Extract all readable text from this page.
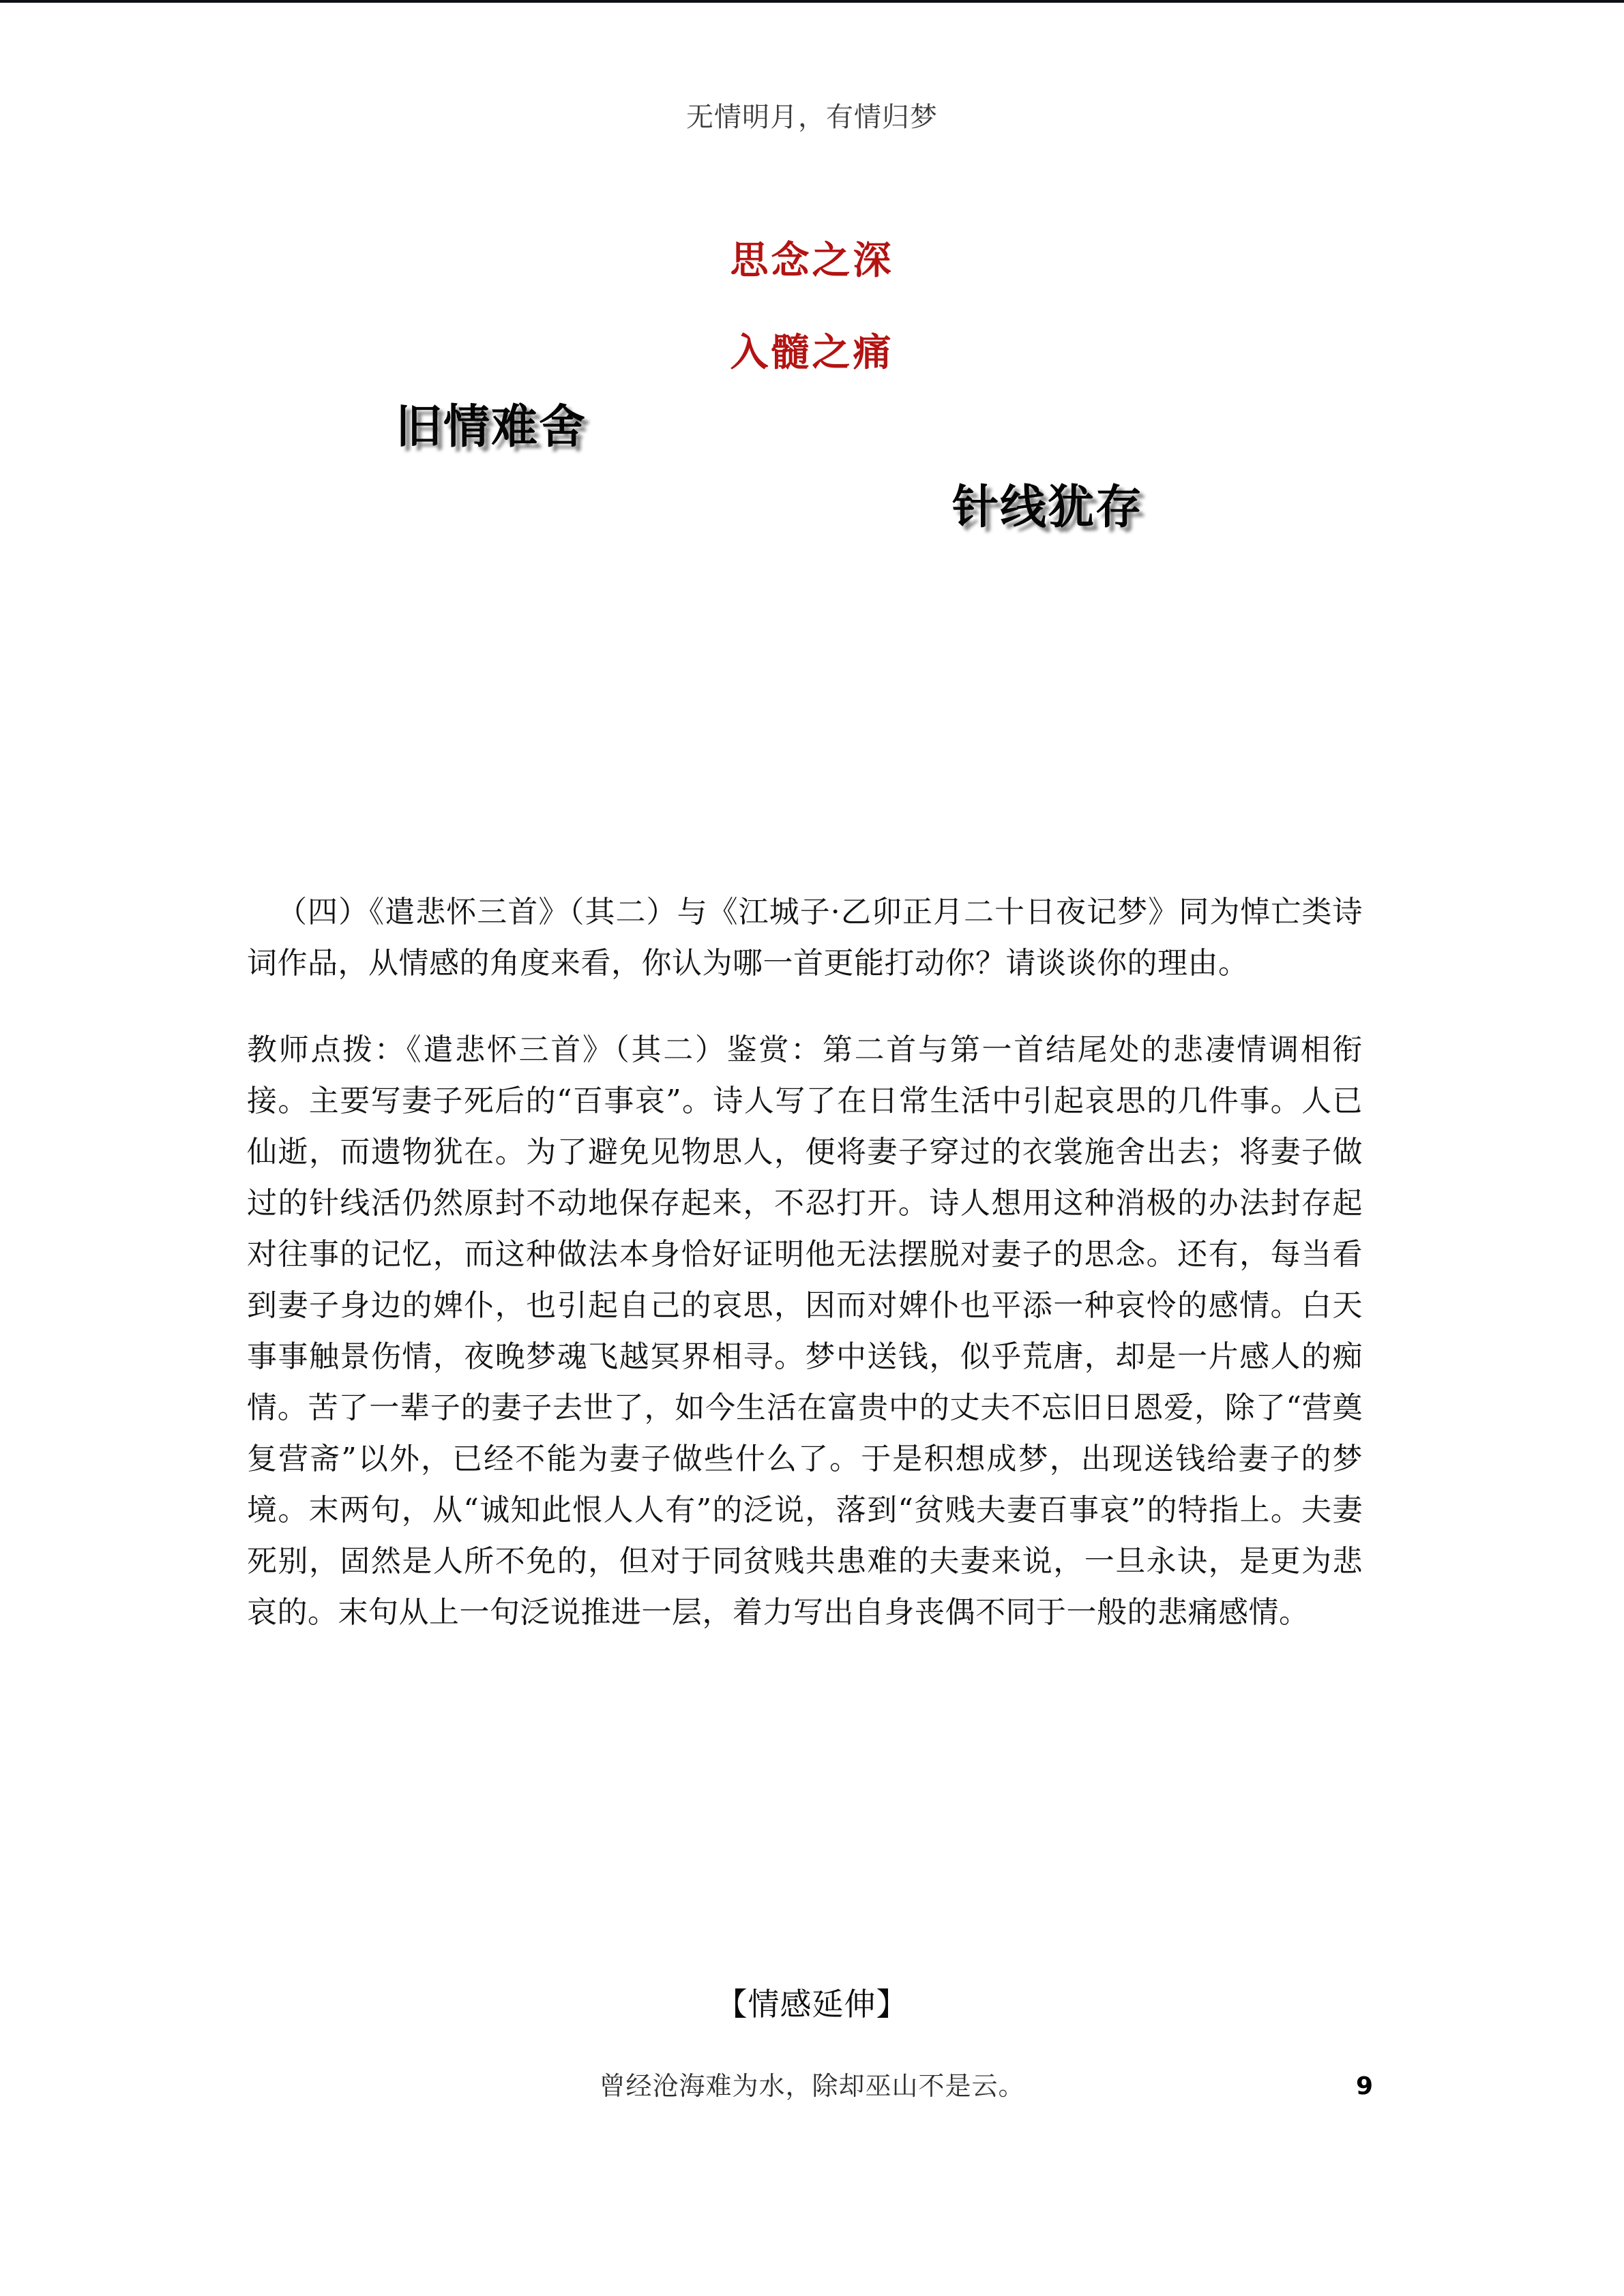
无情明月，有情归梦
思念之深
入髓之痛
旧情难舍
针线犹存

（四）《遣悲怀三首》（其二）与《江城子·乙卯正月二十日夜记梦》同为悼亡类诗词作品，从情感的角度来看，你认为哪一首更能打动你？请谈谈你的理由。

教师点拨：《遣悲怀三首》（其二）鉴赏：第二首与第一首结尾处的悲凄情调相衔接。主要写妻子死后的“百事哀”。诗人写了在日常生活中引起哀思的几件事。人已仙逝，而遗物犹在。为了避免见物思人，便将妻子穿过的衣裳施舍出去；将妻子做过的针线活仍然原封不动地保存起来，不忍打开。诗人想用这种消极的办法封存起对往事的记忆，而这种做法本身恰好证明他无法摆脱对妻子的思念。还有，每当看到妻子身边的婢仆，也引起自己的哀思，因而对婢仆也平添一种哀怜的感情。白天事事触景伤情，夜晚梦魂飞越冥界相寻。梦中送钱，似乎荒唐，却是一片感人的痴情。苦了一辈子的妻子去世了，如今生活在富贵中的丈夫不忘旧日恩爱，除了“营奠复营斋”以外，已经不能为妻子做些什么了。于是积想成梦，出现送钱给妻子的梦境。末两句，从“诚知此恨人人有”的泛说，落到“贫贱夫妻百事哀”的特指上。夫妻死别，固然是人所不免的，但对于同贫贱共患难的夫妻来说，一旦永诀，是更为悲哀的。末句从上一句泛说推进一层，着力写出自身丧偶不同于一般的悲痛感情。

【情感延伸】
曾经沧海难为水，除却巫山不是云。	9
